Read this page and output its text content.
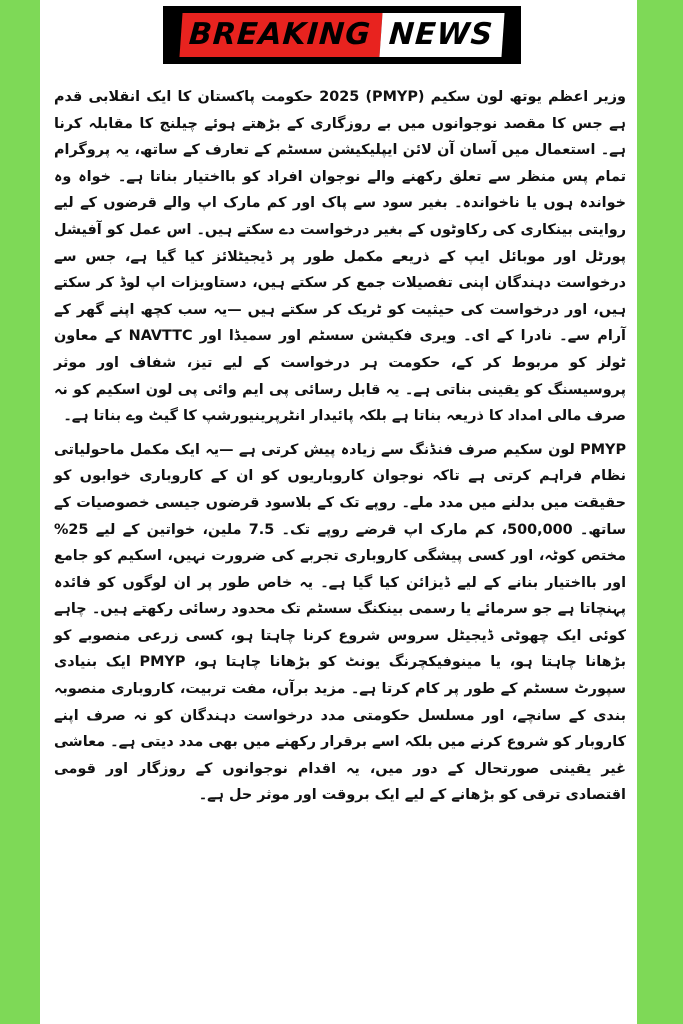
BREAKING NEWS

وزیر اعظم یوتھ لون سکیم (PMYP) 2025 حکومت پاکستان کا ایک انقلابی قدم ہے جس کا مقصد نوجوانوں میں بے روزگاری کے بڑھتے ہوئے چیلنج کا مقابلہ کرنا ہے۔ استعمال میں آسان آن لائن ایپلیکیشن سسٹم کے تعارف کے ساتھ، یہ پروگرام تمام پس منظر سے تعلق رکھنے والے نوجوان افراد کو بااختیار بناتا ہے۔ خواہ وہ خواندہ ہوں یا ناخواندہ۔ بغیر سود سے پاک اور کم مارک اپ والے قرضوں کے لیے روایتی بینکاری کی رکاوٹوں کے بغیر درخواست دے سکتے ہیں۔ اس عمل کو آفیشل پورٹل اور موبائل ایپ کے ذریعے مکمل طور پر ڈیجیٹلائز کیا گیا ہے، جس سے درخواست دہندگان اپنی تفصیلات جمع کر سکتے ہیں، دستاویزات اپ لوڈ کر سکتے ہیں، اور درخواست کی حیثیت کو ٹریک کر سکتے ہیں —یہ سب کچھ اپنے گھر کے آرام سے۔ نادرا کے ای۔ ویری فکیشن سسٹم اور سمیڈا اور NAVTTC کے معاون ٹولز کو مربوط کر کے، حکومت ہر درخواست کے لیے تیز، شفاف اور موثر پروسیسنگ کو یقینی بناتی ہے۔ یہ قابل رسائی پی ایم وائی پی لون اسکیم کو نہ صرف مالی امداد کا ذریعہ بناتا ہے بلکہ پائیدار انٹرپرینیورشپ کا گیٹ وے بناتا ہے۔

PMYP لون سکیم صرف فنڈنگ سے زیادہ پیش کرتی ہے —یہ ایک مکمل ماحولیاتی نظام فراہم کرتی ہے تاکہ نوجوان کاروباریوں کو ان کے کاروباری خوابوں کو حقیقت میں بدلنے میں مدد ملے۔ روپے تک کے بلاسود قرضوں جیسی خصوصیات کے ساتھ۔ 500,000، کم مارک اپ قرضے روپے تک۔ 7.5 ملین، خواتین کے لیے 25% مختص کوٹہ، اور کسی پیشگی کاروباری تجربے کی ضرورت نہیں، اسکیم کو جامع اور بااختیار بنانے کے لیے ڈیزائن کیا گیا ہے۔ یہ خاص طور پر ان لوگوں کو فائدہ پہنچاتا ہے جو سرمائے یا رسمی بینکنگ سسٹم تک محدود رسائی رکھتے ہیں۔ چاہے کوئی ایک چھوٹی ڈیجیٹل سروس شروع کرنا چاہتا ہو، کسی زرعی منصوبے کو بڑھانا چاہتا ہو، یا مینوفیکچرنگ یونٹ کو بڑھانا چاہتا ہو، PMYP ایک بنیادی سپورٹ سسٹم کے طور پر کام کرتا ہے۔ مزید برآں، مفت تربیت، کاروباری منصوبہ بندی کے سانچے، اور مسلسل حکومتی مدد درخواست دہندگان کو نہ صرف اپنے کاروبار کو شروع کرنے میں بلکہ اسے برقرار رکھنے میں بھی مدد دیتی ہے۔ معاشی غیر یقینی صورتحال کے دور میں، یہ اقدام نوجوانوں کے روزگار اور قومی اقتصادی ترقی کو بڑھانے کے لیے ایک بروقت اور موثر حل ہے۔
